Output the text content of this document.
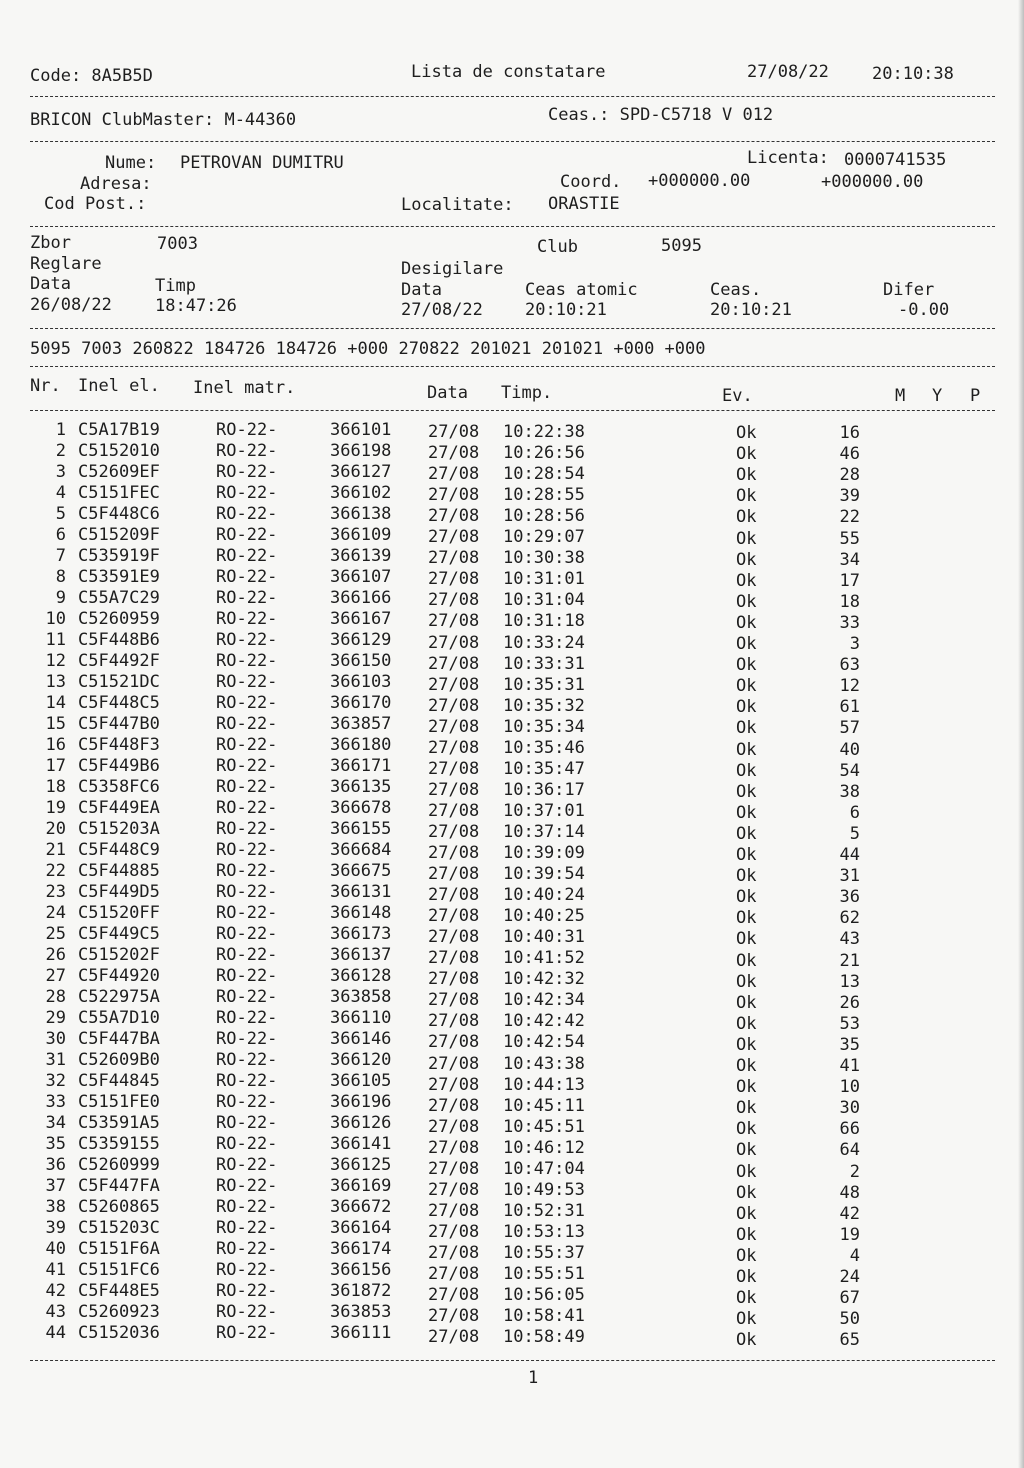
Code: 8A5B5D	Lista de constatare	27/08/22	20:10:38
BRICON ClubMaster: M-44360	Ceas.: SPD-C5718 V 012
Nume: PETROVAN DUMITRU	Licenta: 0000741535
Adresa:	Coord. +000000.00	+000000.00
Cod Post.:	Localitate: ORASTIE
Zbor	7003	Club	5095
Reglare	Desigilare
Data	Timp	Data	Ceas atomic	Ceas.	Difer
26/08/22	18:47:26	27/08/22 20:10:21	20:10:21	-0.00
5095 7003 260822 184726 184726 +000 270822 201021 201021 +000 +000
Nr. Inel el. Inel matr.	Data Timp.	Ev.	M Y P
1 C5A17B19	RO-22-	366101 27/08 10:22:38	Ok	16
2 C5152010	RO-22-	366198 27/08 10:26:56	Ok	46
3 C52609EF	RO-22-	366127 27/08 10:28:54	Ok	28
4 C5151FEC	RO-22-	366102 27/08 10:28:55	Ok	39
5 C5F448C6	RO-22-	366138 27/08 10:28:56	Ok	22
6 C515209F	RO-22-	366109 27/08 10:29:07	Ok	55
7 C535919F	RO-22-	366139 27/08 10:30:38	Ok	34
8 C53591E9	RO-22-	366107 27/08 10:31:01	Ok	17
9 C55A7C29	RO-22-	366166 27/08 10:31:04	Ok	18
10 C5260959	RO-22-	366167 27/08 10:31:18	Ok	33
11 C5F448B6	RO-22-	366129 27/08 10:33:24	Ok	3
12 C5F4492F	RO-22-	366150 27/08 10:33:31	Ok	63
13 C51521DC	RO-22-	366103 27/08 10:35:31	Ok	12
14 C5F448C5	RO-22-	366170 27/08 10:35:32	Ok	61
15 C5F447B0	RO-22-	363857 27/08 10:35:34	Ok	57
16 C5F448F3	RO-22-	366180 27/08 10:35:46	Ok	40
17 C5F449B6	RO-22-	366171 27/08 10:35:47	Ok	54
18 C5358FC6	RO-22-	366135 27/08 10:36:17	Ok	38
19 C5F449EA	RO-22-	366678 27/08 10:37:01	Ok	6
20 C515203A	RO-22-	366155 27/08 10:37:14	Ok	5
21 C5F448C9	RO-22-	366684 27/08 10:39:09	Ok	44
22 C5F44885	RO-22-	366675 27/08 10:39:54	Ok	31
23 C5F449D5	RO-22-	366131 27/08 10:40:24	Ok	36
24 C51520FF	RO-22-	366148 27/08 10:40:25	Ok	62
25 C5F449C5	RO-22-	366173 27/08 10:40:31	Ok	43
26 C515202F	RO-22-	366137 27/08 10:41:52	Ok	21
27 C5F44920	RO-22-	366128 27/08 10:42:32	Ok	13
28 C522975A	RO-22-	363858 27/08 10:42:34	Ok	26
29 C55A7D10	RO-22-	366110 27/08 10:42:42	Ok	53
30 C5F447BA	RO-22-	366146 27/08 10:42:54	Ok	35
31 C52609B0	RO-22-	366120 27/08 10:43:38	Ok	41
32 C5F44845	RO-22-	366105 27/08 10:44:13	Ok	10
33 C5151FE0	RO-22-	366196 27/08 10:45:11	Ok	30
34 C53591A5	RO-22-	366126 27/08 10:45:51	Ok	66
35 C5359155	RO-22-	366141 27/08 10:46:12	Ok	64
36 C5260999	RO-22-	366125 27/08 10:47:04	Ok	2
37 C5F447FA	RO-22-	366169 27/08 10:49:53	Ok	48
38 C5260865	RO-22-	366672 27/08 10:52:31	Ok	42
39 C515203C	RO-22-	366164 27/08 10:53:13	Ok	19
40 C5151F6A	RO-22-	366174 27/08 10:55:37	Ok	4
41 C5151FC6	RO-22-	366156 27/08 10:55:51	Ok	24
42 C5F448E5	RO-22-	361872 27/08 10:56:05	Ok	67
43 C5260923	RO-22-	363853 27/08 10:58:41	Ok	50
44 C5152036	RO-22-	366111 27/08 10:58:49	Ok	65
1
